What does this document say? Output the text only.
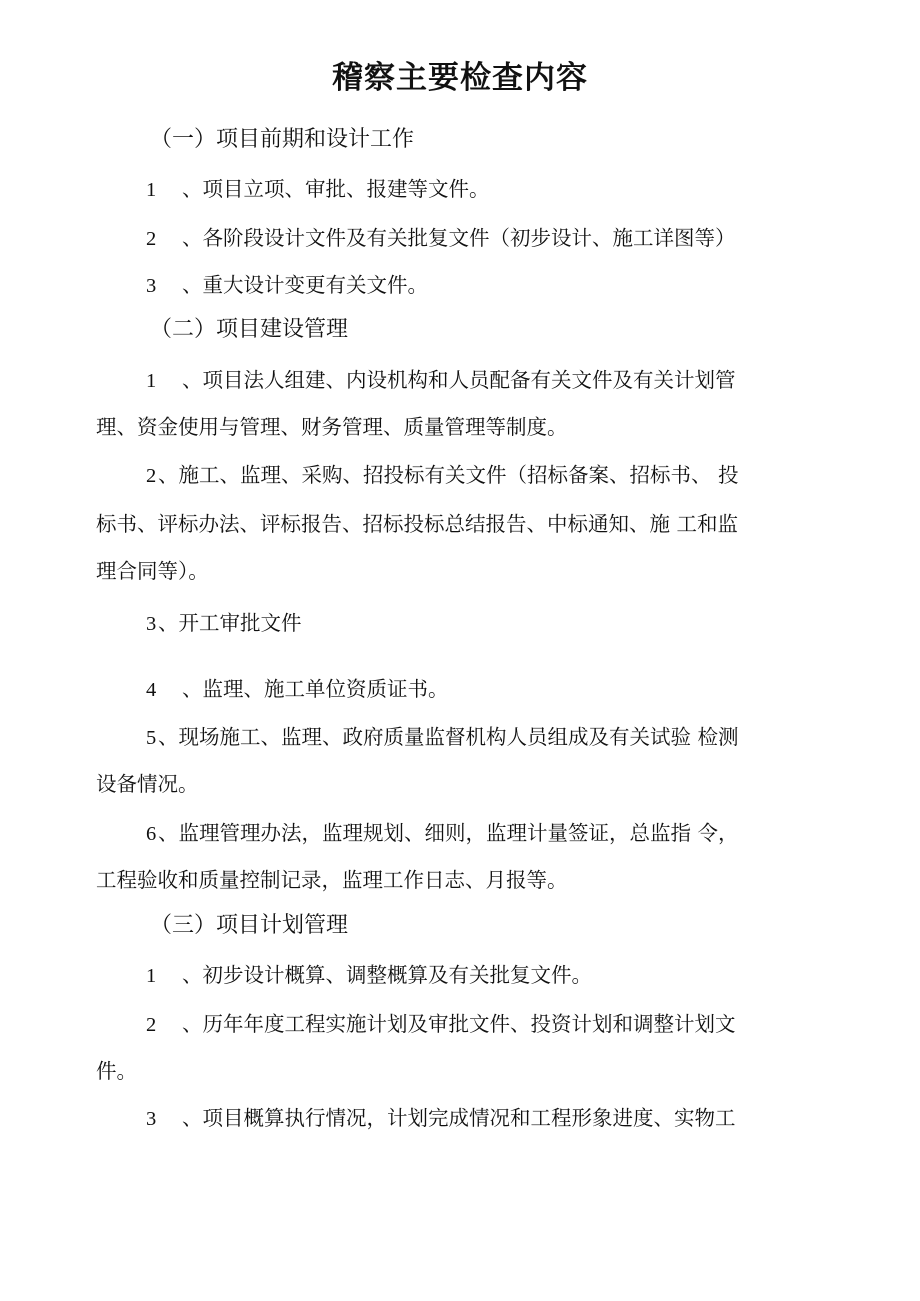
稽察主要检查内容

（一）项目前期和设计工作

1 、项目立项、审批、报建等文件。

2 、各阶段设计文件及有关批复文件（初步设计、施工详图等）

3 、重大设计变更有关文件。

（二）项目建设管理

1 、项目法人组建、内设机构和人员配备有关文件及有关计划管

理、资金使用与管理、财务管理、质量管理等制度。

2、施工、监理、采购、招投标有关文件（招标备案、招标书、 投

标书、评标办法、评标报告、招标投标总结报告、中标通知、施 工和监

理合同等）。

3、开工审批文件

4 、监理、施工单位资质证书。

5、现场施工、监理、政府质量监督机构人员组成及有关试验 检测

设备情况。

6、监理管理办法，监理规划、细则，监理计量签证，总监指 令，

工程验收和质量控制记录，监理工作日志、月报等。

（三）项目计划管理

1 、初步设计概算、调整概算及有关批复文件。

2 、历年年度工程实施计划及审批文件、投资计划和调整计划文

件。

3 、项目概算执行情况，计划完成情况和工程形象进度、实物工
